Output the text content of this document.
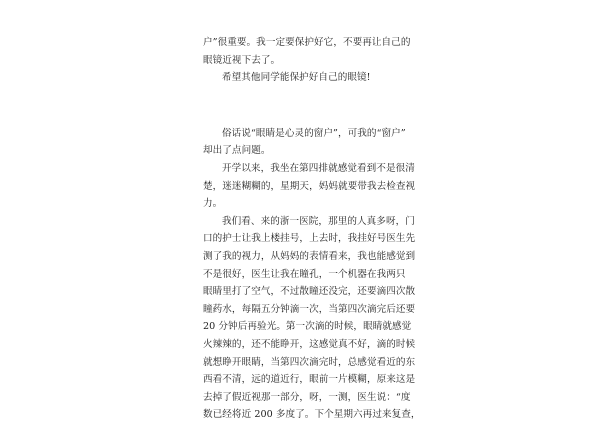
户”很重要。我一定要保护好它，不要再让自己的
眼镜近视下去了。
希望其他同学能保护好自己的眼镜!
俗话说“眼睛是心灵的窗户”，可我的“窗户”
却出了点问题。
开学以来，我坐在第四排就感觉看到不是很清
楚，迷迷糊糊的，星期天，妈妈就要带我去检查视
力。
我们看、来的浙一医院，那里的人真多呀，门
口的护士让我上楼挂号，上去时，我挂好号医生先
测了我的视力，从妈妈的表情看来，我也能感觉到
不是很好，医生让我在瞳孔，一个机器在我两只
眼睛里打了空气，不过散瞳还没完，还要滴四次散
瞳药水，每隔五分钟滴一次，当第四次滴完后还要
20 分钟后再验光。第一次滴的时候，眼睛就感觉
火辣辣的，还不能睁开，这感觉真不好，滴的时候
就想睁开眼睛，当第四次滴完时，总感觉看近的东
西看不清，远的道近行，眼前一片模糊，原来这是
去掉了假近视那一部分，呀，一测，医生说：“度
数已经将近 200 多度了。下个星期六再过来复查，
